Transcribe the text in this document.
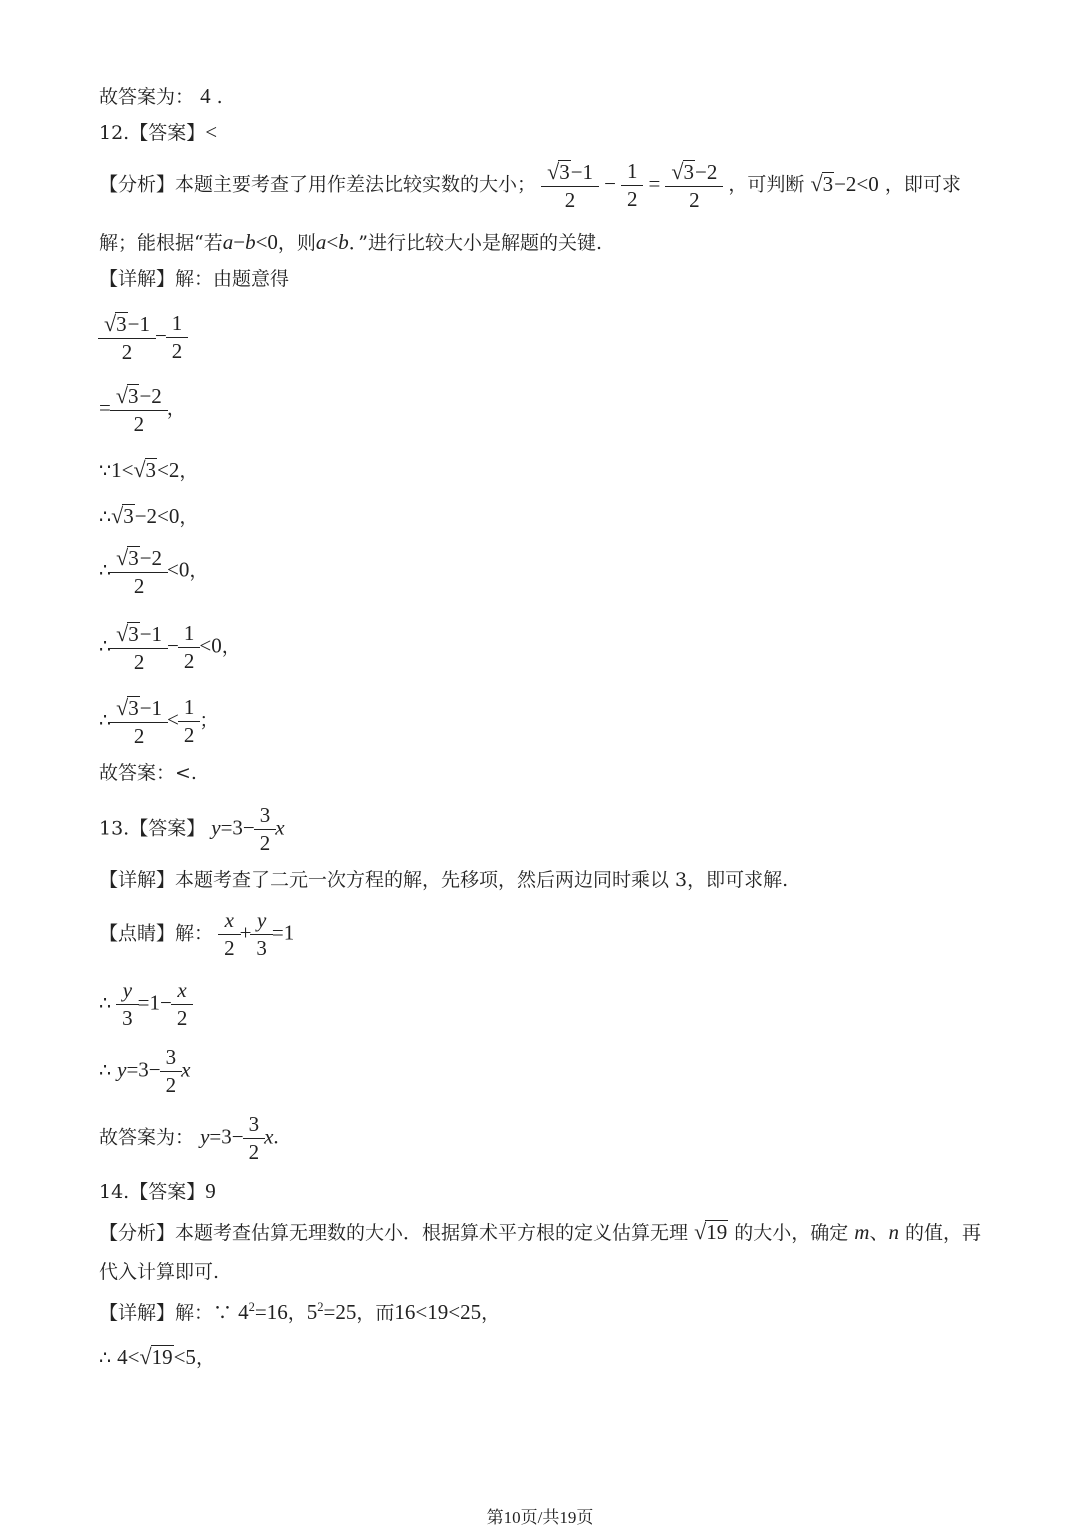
故答案为： 4 .
12.【答案】<
【分析】本题主要考查了用作差法比较实数的大小； $\frac{√ 3 -1}{2} - \frac{1}{2} = \frac{√ 3 -2}{2}$ ，可判断 √ 3 −2<0 ，即可求
解；能根据“若a−b<0，则a<b．”进行比较大小是解题的关键.
【详解】解：由题意得
$\frac{√ 3 -1}{2} - \frac{1}{2}$
= $\frac{√ 3 -2}{2}$ ，
∵1< √ 3 <2，
∴ √ 3 −2<0，
∴ $\frac{√ 3 -2}{2} <0$，
∴ $\frac{√ 3 -1}{2} - \frac{1}{2} <0$，
∴ $\frac{√ 3 -1}{2} < \frac{1}{2}$ ；
故答案：<.
13.【答案】 $y=3- \frac{3}{2}$ x
【详解】本题考查了二元一次方程的解，先移项，然后两边同时乘以 3，即可求解.
【点睛】解： $\frac{x}{2} + \frac{y}{3} =1$
∴ $\frac{y}{3} =1- \frac{x}{2}$
∴ $y=3- \frac{3}{2}$ x
故答案为： $y=3- \frac{3}{2} x$.
14.【答案】9
【分析】本题考查估算无理数的大小．根据算术平方根的定义估算无理 √ 19 的大小，确定 m、n 的值，再
代入计算即可.
【详解】解：∵ $4^2=16$，$5^2=25$，而16<19<25，
∴ 4< √ 19 <5，
第10页/共19页
